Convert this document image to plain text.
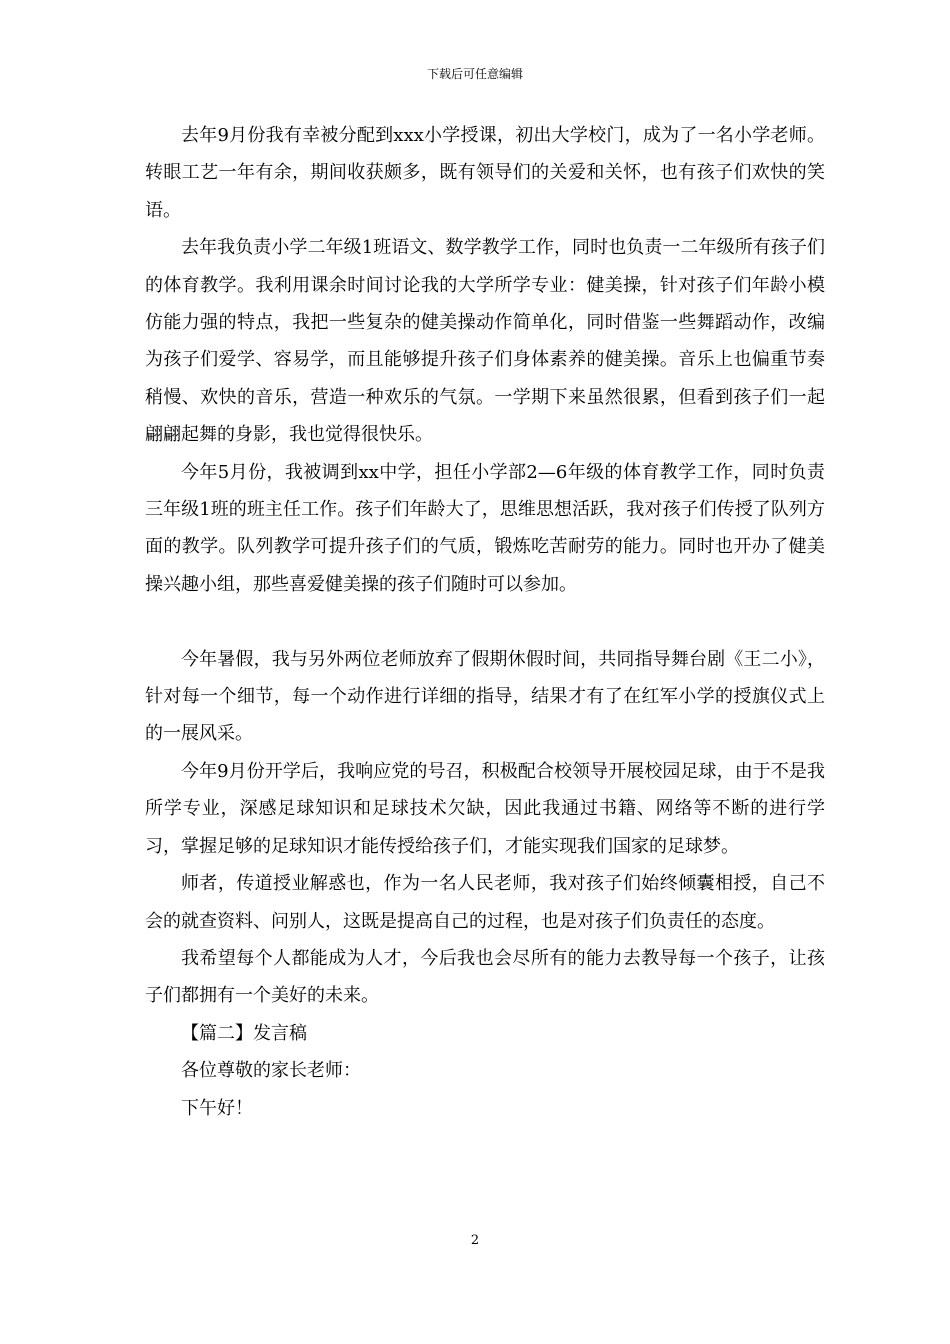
下载后可任意编辑

去年9月份我有幸被分配到xxx小学授课，初出大学校门，成为了一名小学老师。转眼工艺一年有余，期间收获颇多，既有领导们的关爱和关怀，也有孩子们欢快的笑语。

去年我负责小学二年级1班语文、数学教学工作，同时也负责一二年级所有孩子们的体育教学。我利用课余时间讨论我的大学所学专业：健美操，针对孩子们年龄小模仿能力强的特点，我把一些复杂的健美操动作简单化，同时借鉴一些舞蹈动作，改编为孩子们爱学、容易学，而且能够提升孩子们身体素养的健美操。音乐上也偏重节奏稍慢、欢快的音乐，营造一种欢乐的气氛。一学期下来虽然很累，但看到孩子们一起翩翩起舞的身影，我也觉得很快乐。

今年5月份，我被调到xx中学，担任小学部2—6年级的体育教学工作，同时负责三年级1班的班主任工作。孩子们年龄大了，思维思想活跃，我对孩子们传授了队列方面的教学。队列教学可提升孩子们的气质，锻炼吃苦耐劳的能力。同时也开办了健美操兴趣小组，那些喜爱健美操的孩子们随时可以参加。

今年暑假，我与另外两位老师放弃了假期休假时间，共同指导舞台剧《王二小》，针对每一个细节，每一个动作进行详细的指导，结果才有了在红军小学的授旗仪式上的一展风采。

今年9月份开学后，我响应党的号召，积极配合校领导开展校园足球，由于不是我所学专业，深感足球知识和足球技术欠缺，因此我通过书籍、网络等不断的进行学习，掌握足够的足球知识才能传授给孩子们，才能实现我们国家的足球梦。

师者，传道授业解惑也，作为一名人民老师，我对孩子们始终倾囊相授，自己不会的就查资料、问别人，这既是提高自己的过程，也是对孩子们负责任的态度。

我希望每个人都能成为人才，今后我也会尽所有的能力去教导每一个孩子，让孩子们都拥有一个美好的未来。

【篇二】发言稿

各位尊敬的家长老师：

下午好！

2
